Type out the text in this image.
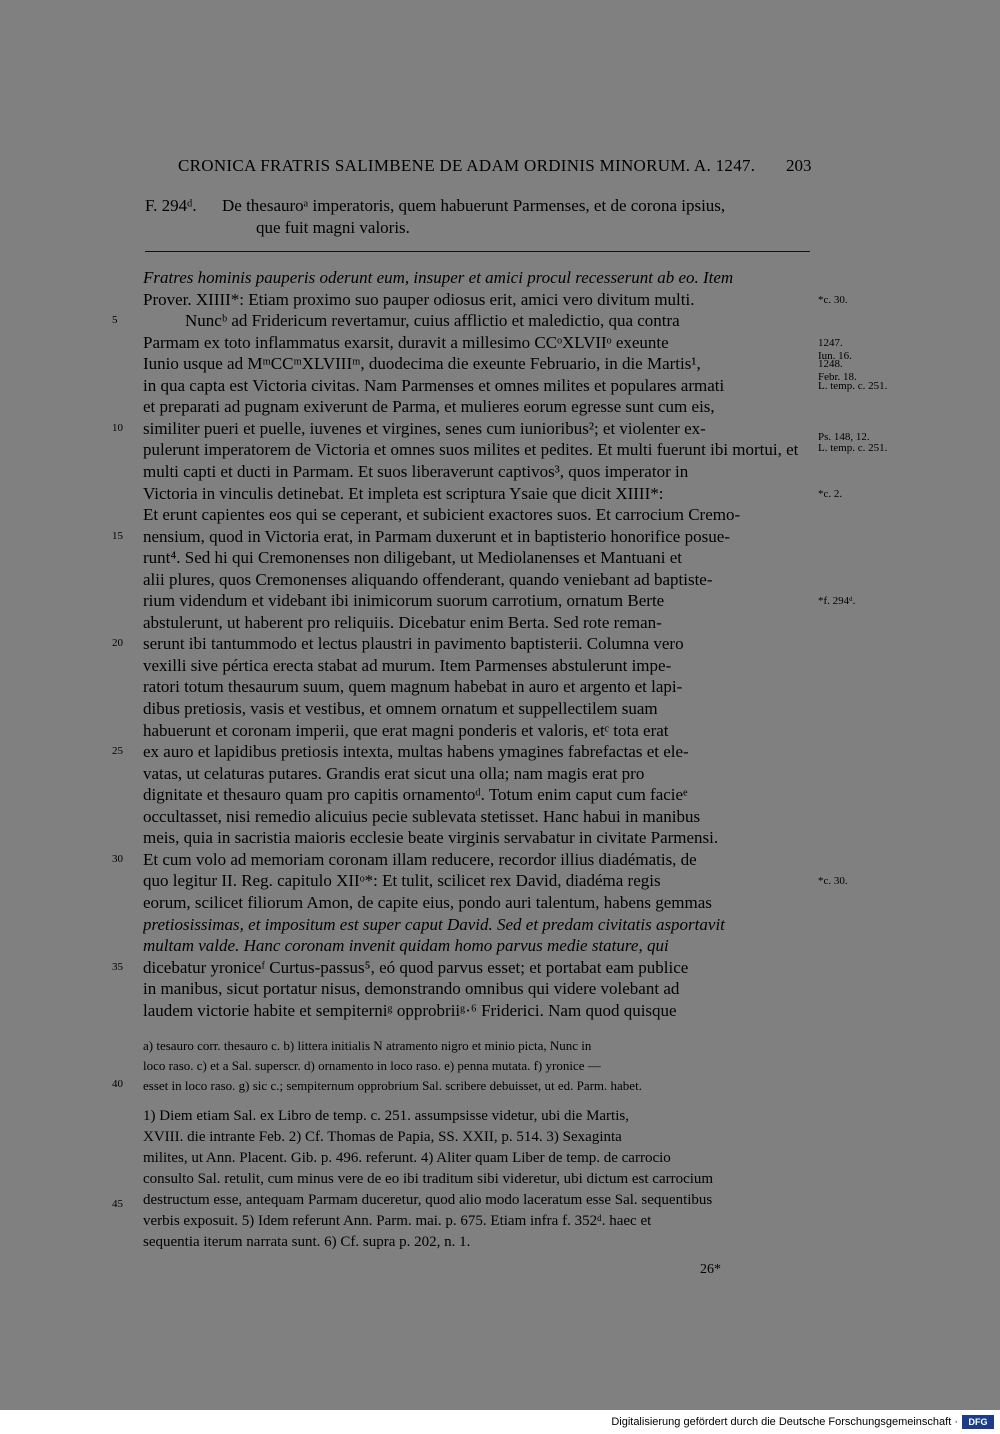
CRONICA FRATRIS SALIMBENE DE ADAM ORDINIS MINORUM. A. 1247. 203
F. 294ᵈ. De thesauroᵃ imperatoris, quem habuerunt Parmenses, et de corona ipsius,
que fuit magni valoris.
Fratres hominis pauperis oderunt eum, insuper et amici procul recesserunt ab eo. Item
Prover. XIIII*: Etiam proximo suo pauper odiosus erit, amici vero divitum multi.
Nuncᵇ ad Fridericum revertamur, cuius afflictio et maledictio, qua contra
Parmam ex toto inflammatus exarsit, duravit a millesimo CCᵒXLVIIᵒ exeunte
Iunio usque ad MᵐCCᵐXLVIIIᵐ, duodecima die exeunte Februario, in die Martis¹,
in qua capta est Victoria civitas. Nam Parmenses et omnes milites et populares armati
et preparati ad pugnam exiverunt de Parma, et mulieres eorum egresse sunt cum eis,
similiter pueri et puelle, iuvenes et virgines, senes cum iunioribus²; et violenter ex-
pulerunt imperatorem de Victoria et omnes suos milites et pedites. Et multi fuerunt ibi mortui, et
multi capti et ducti in Parmam. Et suos liberaverunt captivos³, quos imperator in
Victoria in vinculis detinebat. Et impleta est scriptura Ysaie que dicit XIIII*:
Et erunt capientes eos qui se ceperant, et subicient exactores suos. Et carrocium Cremo-
nensium, quod in Victoria erat, in Parmam duxerunt et in baptisterio honorifice posue-
runt⁴. Sed hi qui Cremonenses non diligebant, ut Mediolanenses et Mantuani et
alii plures, quos Cremonenses aliquando offenderant, quando veniebant ad baptiste-
rium videndum et videbant ibi inimicorum suorum carrotium, ornatum Berte
abstulerunt, ut haberent pro reliquiis. Dicebatur enim Berta. Sed rote reman-
serunt ibi tantummodo et lectus plaustri in pavimento baptisterii. Columna vero
vexilli sive pértica erecta stabat ad murum. Item Parmenses abstulerunt impe-
ratori totum thesaurum suum, quem magnum habebat in auro et argento et lapi-
dibus pretiosis, vasis et vestibus, et omnem ornatum et suppellectilem suam
habuerunt et coronam imperii, que erat magni ponderis et valoris, etᶜ tota erat
ex auro et lapidibus pretiosis intexta, multas habens ymagines fabrefactas et ele-
vatas, ut celaturas putares. Grandis erat sicut una olla; nam magis erat pro
dignitate et thesauro quam pro capitis ornamentoᵈ. Totum enim caput cum facieᵉ
occultasset, nisi remedio alicuius pecie sublevata stetisset. Hanc habui in manibus
meis, quia in sacristia maioris ecclesie beate virginis servabatur in civitate Parmensi.
Et cum volo ad memoriam coronam illam reducere, recordor illius diadématis, de
quo legitur II. Reg. capitulo XIIᵒ*: Et tulit, scilicet rex David, diadéma regis
eorum, scilicet filiorum Amon, de capite eius, pondo auri talentum, habens gemmas
pretiosissimas, et impositum est super caput David. Sed et predam civitatis asportavit
multam valde. Hanc coronam invenit quidam homo parvus medie stature, qui
dicebatur yroniceᶠ Curtus-passus⁵, eó quod parvus esset; et portabat eam publice
in manibus, sicut portatur nisus, demonstrando omnibus qui videre volebant ad
laudem victorie habite et sempiterniᵍ opprobriiᵍ·⁶ Friderici. Nam quod quisque
5
10
15
20
25
30
35
*c. 30.
1247.
Iun. 16.
1248.
Febr. 18.
L. temp. c. 251.
Ps. 148, 12.
L. temp. c. 251.
*c. 2.
*f. 294ᵈ.
*c. 30.
a) tesauro corr. thesauro c. b) littera initialis N atramento nigro et minio picta, Nunc in
loco raso. c) et a Sal. superscr. d) ornamento in loco raso. e) penna mutata. f) yronice —
esset in loco raso. g) sic c.; sempiternum opprobrium Sal. scribere debuisset, ut ed. Parm. habet.
40
1) Diem etiam Sal. ex Libro de temp. c. 251. assumpsisse videtur, ubi die Martis,
XVIII. die intrante Feb. 2) Cf. Thomas de Papia, SS. XXII, p. 514. 3) Sexaginta
milites, ut Ann. Placent. Gib. p. 496. referunt. 4) Aliter quam Liber de temp. de carrocio
consulto Sal. retulit, cum minus vere de eo ibi traditum sibi videretur, ubi dictum est carrocium
destructum esse, antequam Parmam duceretur, quod alio modo laceratum esse Sal. sequentibus
verbis exposuit. 5) Idem referunt Ann. Parm. mai. p. 675. Etiam infra f. 352ᵈ. haec et
sequentia iterum narrata sunt. 6) Cf. supra p. 202, n. 1.
45
26*
Digitalisierung gefördert durch die Deutsche Forschungsgemeinschaft ·	DFG
